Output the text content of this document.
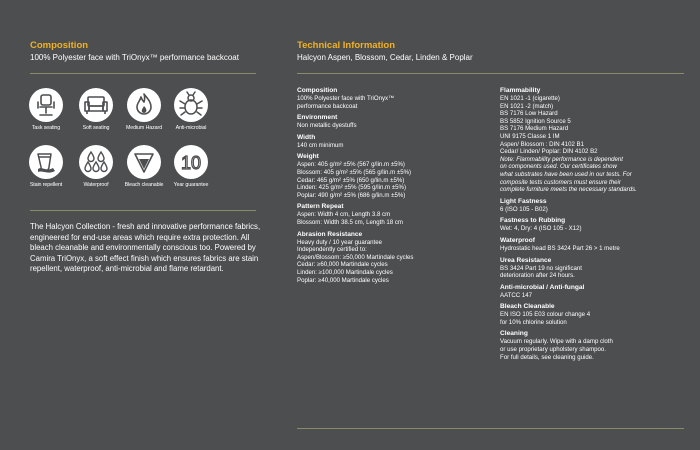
Composition
100% Polyester face with TriOnyx™ performance backcoat
Task seating	Soft seating	Medium Hazard	Anti-microbial
Stain repellent	Waterproof	Bleach cleanable
10
Year guarantee
The Halcyon Collection - fresh and innovative performance fabrics, engineered for end-use areas which require extra protection. All bleach cleanable and environmentally conscious too. Powered by Camira TriOnyx, a soft effect finish which ensures fabrics are stain repellent, waterproof, anti-microbial and flame retardant.
Technical Information
Halcyon Aspen, Blossom, Cedar, Linden & Poplar
Composition
100% Polyester face with TriOnyx™
performance backcoat
Environment
Non metallic dyestuffs
Width
140 cm minimum
Weight
Aspen: 405 g/m² ±5% (567 g/lin.m ±5%)
Blossom: 405 g/m² ±5% (565 g/lin.m ±5%)
Cedar: 465 g/m² ±5% (650 g/lin.m ±5%)
Linden: 425 g/m² ±5% (595 g/lin.m ±5%)
Poplar: 490 g/m² ±5% (686 g/lin.m ±5%)
Pattern Repeat
Aspen: Width 4 cm, Length 3.8 cm
Blossom: Width 38.5 cm, Length 18 cm
Abrasion Resistance
Heavy duty / 10 year guarantee
Independently certified to:
Aspen/Blossom: ≥50,000 Martindale cycles
Cedar: ≥60,000 Martindale cycles
Linden: ≥100,000 Martindale cycles
Poplar: ≥40,000 Martindale cycles
Flammability
EN 1021 -1 (cigarette)
EN 1021 -2 (match)
BS 7176 Low Hazard
BS 5852 Ignition Source 5
BS 7176 Medium Hazard
UNI 9175 Classe 1 IM
Aspen/ Blossom : DIN 4102 B1
Cedar/ Linden/ Poplar: DIN 4102 B2
Note: Flammability performance is dependent
on components used. Our certificates show
what substrates have been used in our tests. For
composite tests customers must ensure their
complete furniture meets the necessary standards.
Light Fastness
6 (ISO 105 - B02)
Fastness to Rubbing
Wet: 4, Dry: 4 (ISO 105 - X12)
Waterproof
Hydrostatic head BS 3424 Part 26 > 1 metre
Urea Resistance
BS 3424 Part 19 no significant
deterioration after 24 hours.
Anti-microbial / Anti-fungal
AATCC 147
Bleach Cleanable
EN ISO 105 E03 colour change 4
for 10% chlorine solution
Cleaning
Vacuum regularly. Wipe with a damp cloth
or use proprietary upholstery shampoo.
For full details, see cleaning guide.
